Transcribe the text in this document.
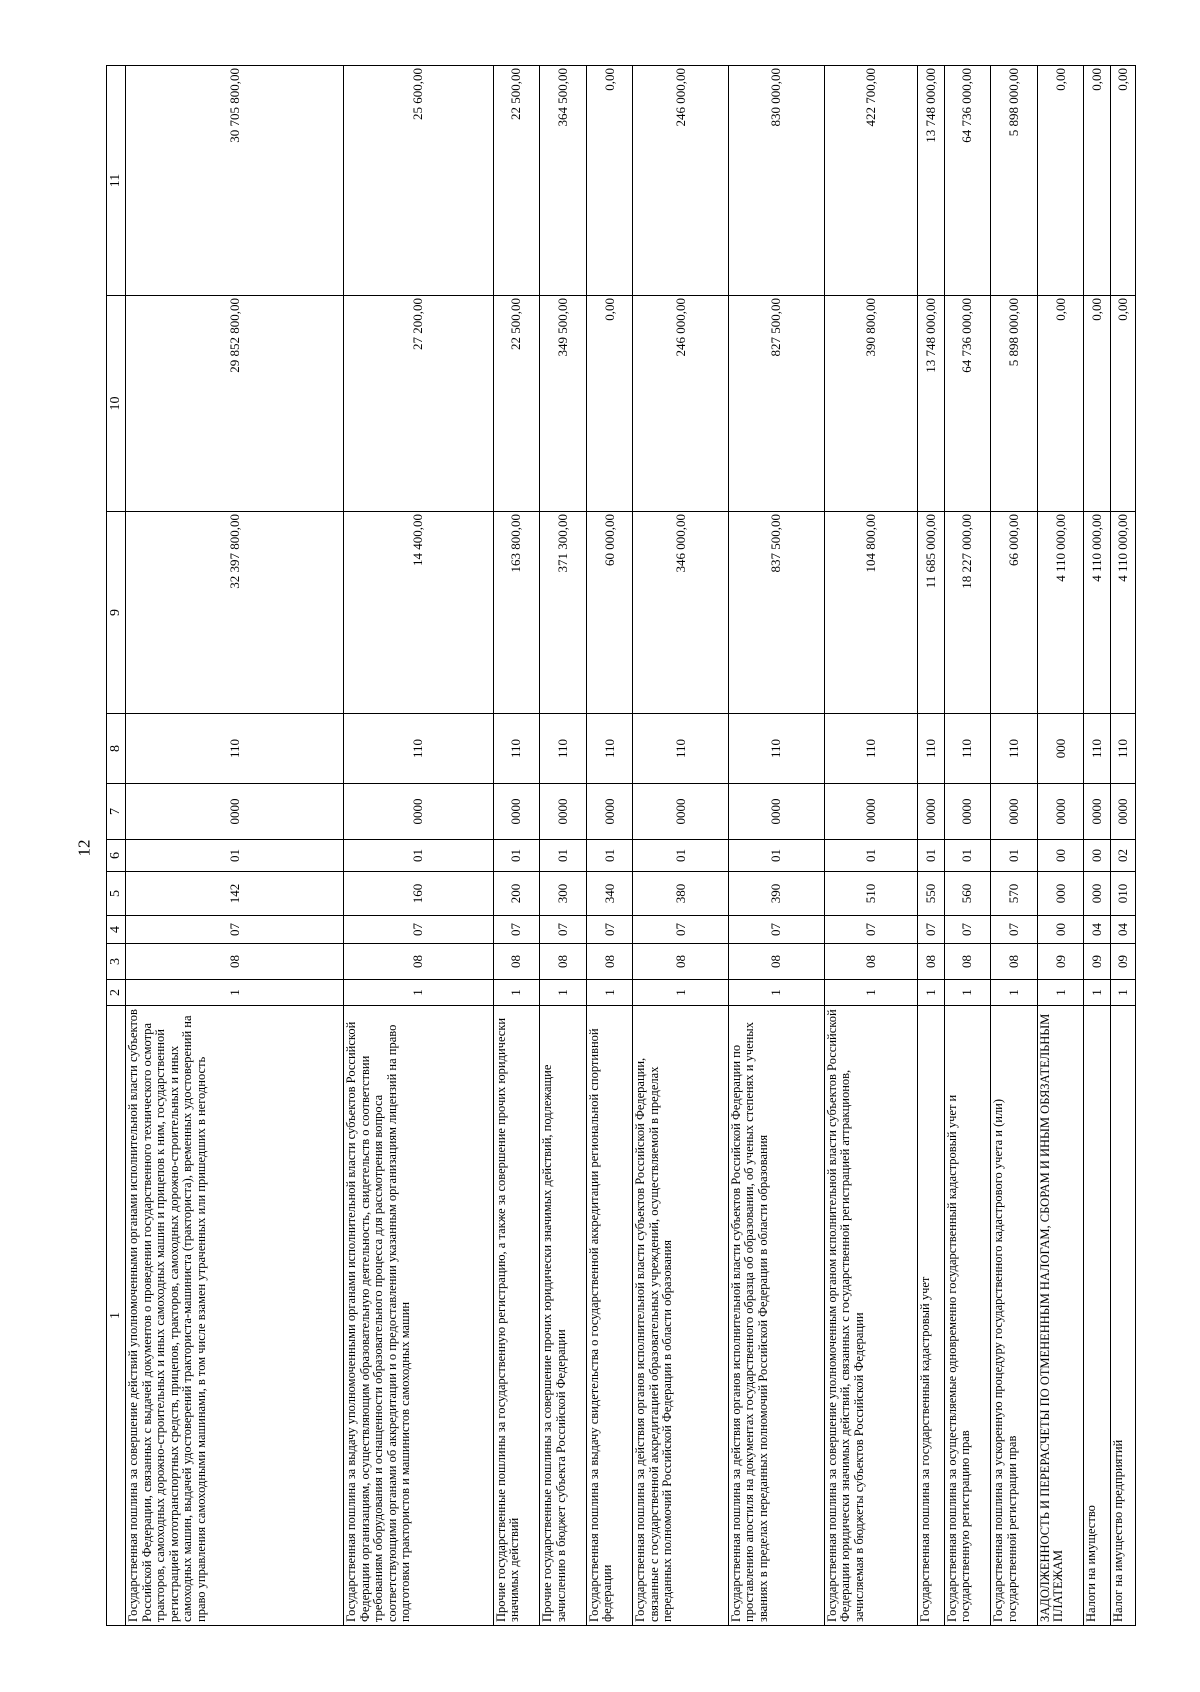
12
1	2	3	4	5	6	7	8	9	10	11
Государственная пошлина за совершение действий уполномоченными органами исполнительной власти субъектов Российской Федерации, связанных с выдачей документов о проведении государственного технического осмотра тракторов, самоходных дорожно-строительных и иных самоходных машин и прицепов к ним, государственной регистрацией мототранспортных средств, прицепов, тракторов, самоходных дорожно-строительных и иных самоходных машин, выдачей удостоверений тракториста-машиниста (тракториста), временных удостоверений на право управления самоходными машинами, в том числе взамен утраченных или пришедших в негодность	1	08	07	142	01	0000	110	32 397 800,00	29 852 800,00	30 705 800,00
Государственная пошлина за выдачу уполномоченными органами исполнительной власти субъектов Российской Федерации организациям, осуществляющим образовательную деятельность, свидетельств о соответствии требованиям оборудования и оснащенности образовательного процесса для рассмотрения вопроса соответствующими органами об аккредитации и о предоставлении указанным организациям лицензий на право подготовки трактористов и машинистов самоходных машин	1	08	07	160	01	0000	110	14 400,00	27 200,00	25 600,00
Прочие государственные пошлины за государственную регистрацию, а также за совершение прочих юридически значимых действий	1	08	07	200	01	0000	110	163 800,00	22 500,00	22 500,00
Прочие государственные пошлины за совершение прочих юридически значимых действий, подлежащие зачислению в бюджет субъекта Российской Федерации	1	08	07	300	01	0000	110	371 300,00	349 500,00	364 500,00
Государственная пошлина за выдачу свидетельства о государственной аккредитации региональной спортивной федерации	1	08	07	340	01	0000	110	60 000,00	0,00	0,00
Государственная пошлина за действия органов исполнительной власти субъектов Российской Федерации, связанные с государственной аккредитацией образовательных учреждений, осуществляемой в пределах переданных полномочий Российской Федерации в области образования	1	08	07	380	01	0000	110	346 000,00	246 000,00	246 000,00
Государственная пошлина за действия органов исполнительной власти субъектов Российской Федерации по проставлению апостиля на документах государственного образца об образовании, об ученых степенях и ученых званиях в пределах переданных полномочий Российской Федерации в области образования	1	08	07	390	01	0000	110	837 500,00	827 500,00	830 000,00
Государственная пошлина за совершение уполномоченным органом исполнительной власти субъектов Российской Федерации юридически значимых действий, связанных с государственной регистрацией аттракционов, зачисляемая в бюджеты субъектов Российской Федерации	1	08	07	510	01	0000	110	104 800,00	390 800,00	422 700,00
Государственная пошлина за государственный кадастровый учет	1	08	07	550	01	0000	110	11 685 000,00	13 748 000,00	13 748 000,00
Государственная пошлина за осуществляемые одновременно государственный кадастровый учет и государственную регистрацию прав	1	08	07	560	01	0000	110	18 227 000,00	64 736 000,00	64 736 000,00
Государственная пошлина за ускоренную процедуру государственного кадастрового учета и (или) государственной регистрации прав	1	08	07	570	01	0000	110	66 000,00	5 898 000,00	5 898 000,00
ЗАДОЛЖЕННОСТЬ И ПЕРЕРАСЧЕТЫ ПО ОТМЕНЕННЫМ НАЛОГАМ, СБОРАМ И ИНЫМ ОБЯЗАТЕЛЬНЫМ ПЛАТЕЖАМ	1	09	00	000	00	0000	000	4 110 000,00	0,00	0,00
Налоги на имущество	1	09	04	000	00	0000	110	4 110 000,00	0,00	0,00
Налог на имущество предприятий	1	09	04	010	02	0000	110	4 110 000,00	0,00	0,00
